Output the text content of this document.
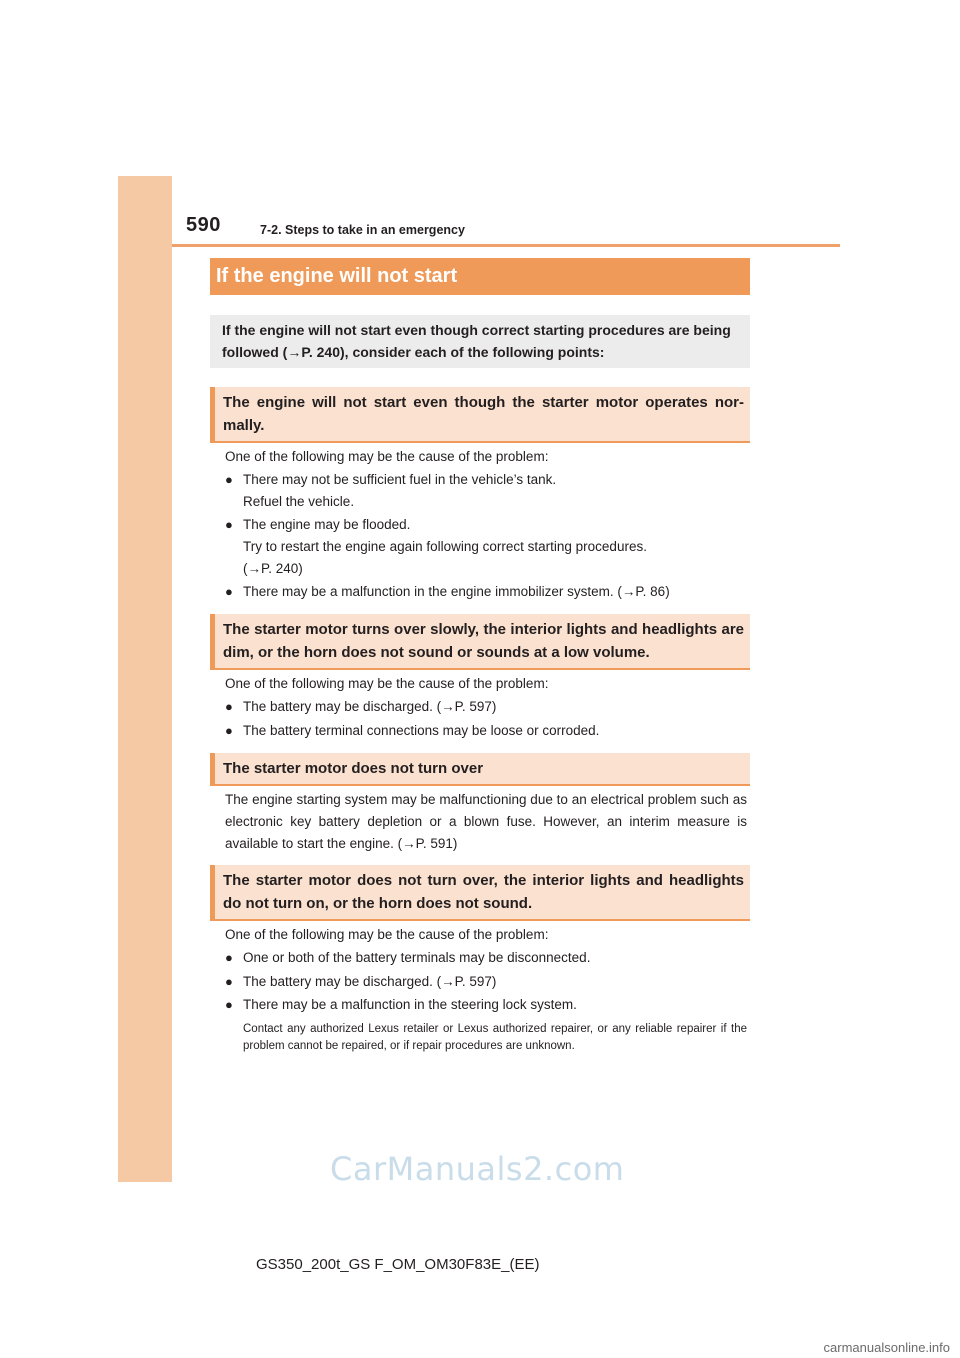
590	7-2. Steps to take in an emergency
If the engine will not start
If the engine will not start even though correct starting procedures are being followed (→P. 240), consider each of the following points:
The engine will not start even though the starter motor operates nor-mally.
One of the following may be the cause of the problem:
● There may not be sufficient fuel in the vehicle’s tank.
Refuel the vehicle.
● The engine may be flooded.
Try to restart the engine again following correct starting procedures.
(→P. 240)
● There may be a malfunction in the engine immobilizer system. (→P. 86)
The starter motor turns over slowly, the interior lights and headlights are dim, or the horn does not sound or sounds at a low volume.
One of the following may be the cause of the problem:
● The battery may be discharged. (→P. 597)
● The battery terminal connections may be loose or corroded.
The starter motor does not turn over
The engine starting system may be malfunctioning due to an electrical problem such as electronic key battery depletion or a blown fuse. However, an interim measure is available to start the engine. (→P. 591)
The starter motor does not turn over, the interior lights and headlights do not turn on, or the horn does not sound.
One of the following may be the cause of the problem:
● One or both of the battery terminals may be disconnected.
● The battery may be discharged. (→P. 597)
● There may be a malfunction in the steering lock system.
Contact any authorized Lexus retailer or Lexus authorized repairer, or any reliable repairer if the problem cannot be repaired, or if repair procedures are unknown.
CarManuals2.com
GS350_200t_GS F_OM_OM30F83E_(EE)
carmanualsonline.info
